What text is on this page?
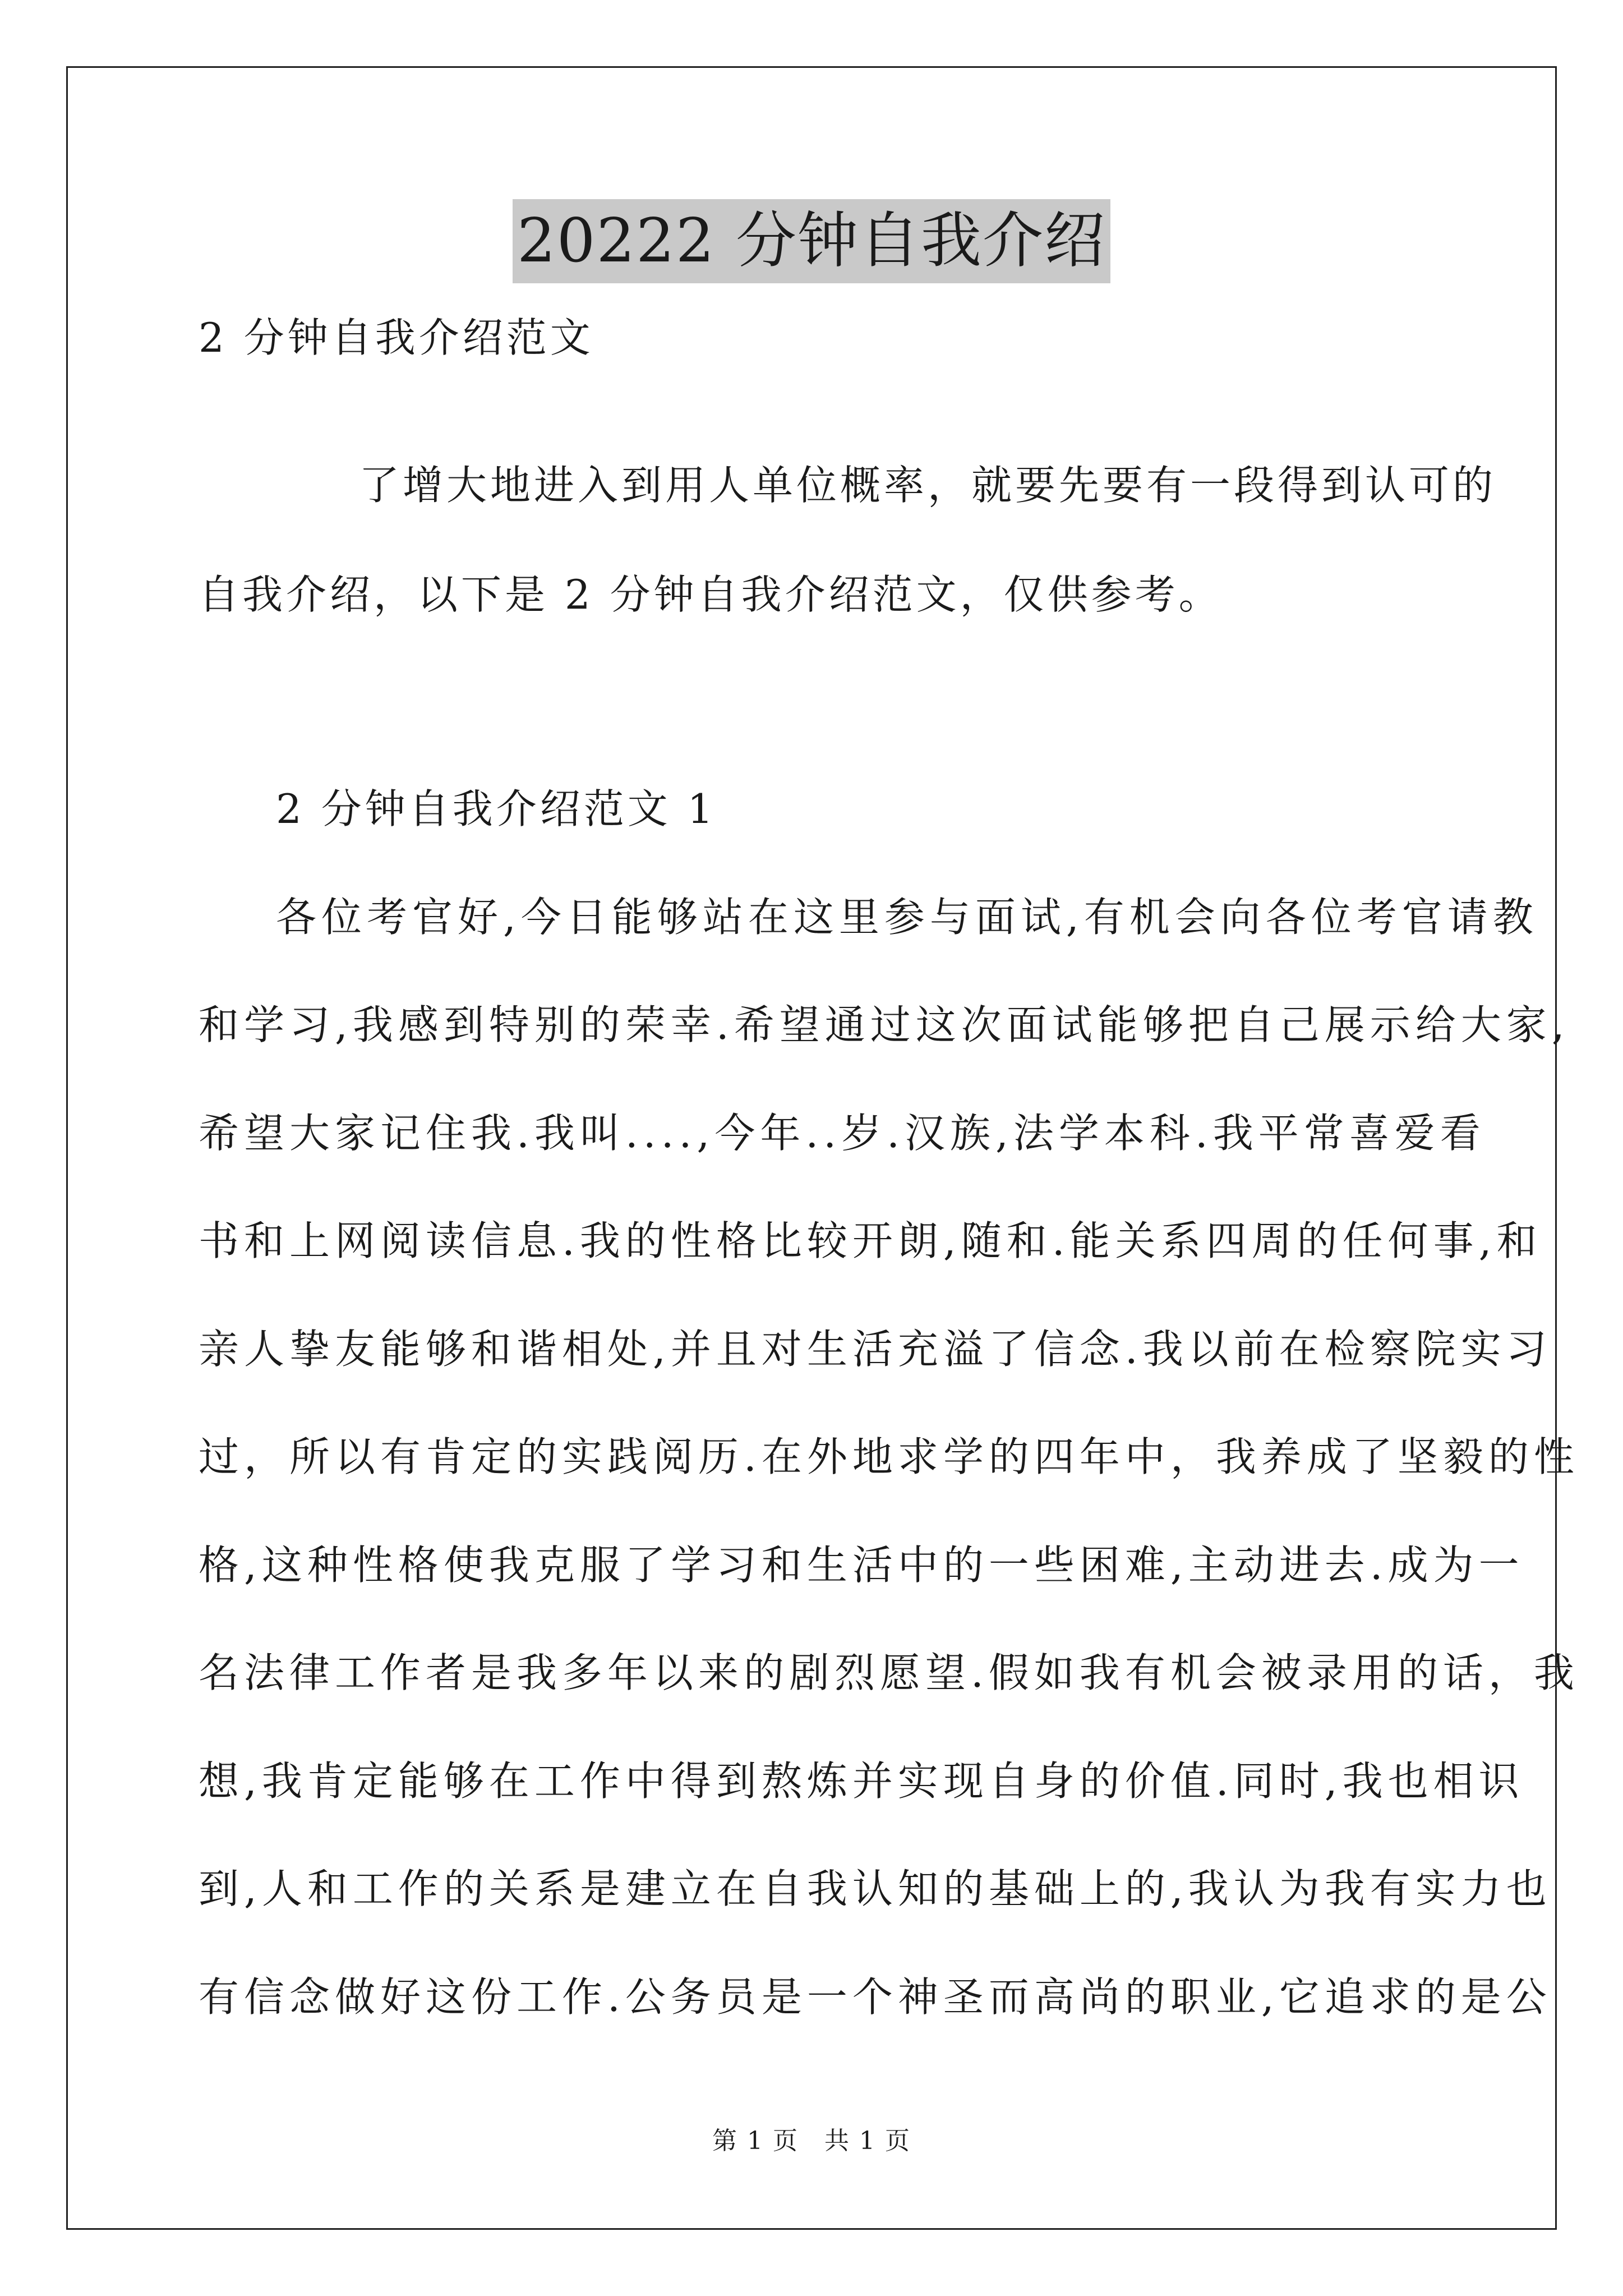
20222 分钟自我介绍
2 分钟自我介绍范文
了增大地进入到用人单位概率，就要先要有一段得到认可的
自我介绍，以下是 2 分钟自我介绍范文，仅供参考。
2 分钟自我介绍范文 1
各位考官好,今日能够站在这里参与面试,有机会向各位考官请教
和学习,我感到特别的荣幸.希望通过这次面试能够把自己展示给大家,
希望大家记住我.我叫....,今年..岁.汉族,法学本科.我平常喜爱看
书和上网阅读信息.我的性格比较开朗,随和.能关系四周的任何事,和
亲人挚友能够和谐相处,并且对生活充溢了信念.我以前在检察院实习
过，所以有肯定的实践阅历.在外地求学的四年中，我养成了坚毅的性
格,这种性格使我克服了学习和生活中的一些困难,主动进去.成为一
名法律工作者是我多年以来的剧烈愿望.假如我有机会被录用的话，我
想,我肯定能够在工作中得到熬炼并实现自身的价值.同时,我也相识
到,人和工作的关系是建立在自我认知的基础上的,我认为我有实力也
有信念做好这份工作.公务员是一个神圣而高尚的职业,它追求的是公
第 1 页　共 1 页
